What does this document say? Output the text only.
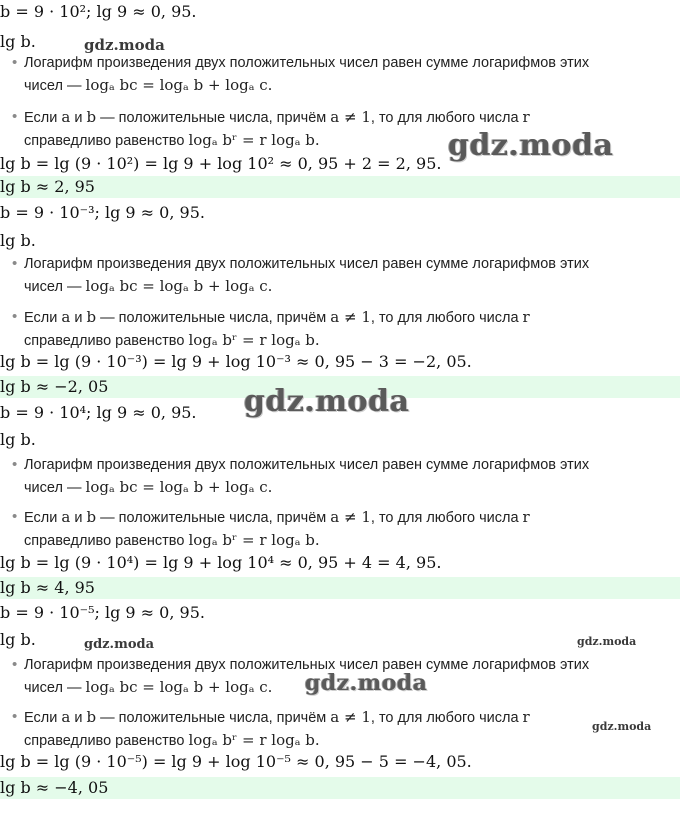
b = 9 · 10²; lg 9 ≈ 0, 95.
lg b.
• Логарифм произведения двух положительных чисел равен сумме логарифмов этих
чисел — logₐ bc = logₐ b + logₐ c.
• Если a и b — положительные числа, причём a ≠ 1, то для любого числа r
справедливо равенство logₐ bʳ = r logₐ b.
lg b = lg (9 · 10²) = lg 9 + log 10² ≈ 0, 95 + 2 = 2, 95.
lg b ≈ 2, 95
b = 9 · 10⁻³; lg 9 ≈ 0, 95.
lg b.
• Логарифм произведения двух положительных чисел равен сумме логарифмов этих
чисел — logₐ bc = logₐ b + logₐ c.
• Если a и b — положительные числа, причём a ≠ 1, то для любого числа r
справедливо равенство logₐ bʳ = r logₐ b.
lg b = lg (9 · 10⁻³) = lg 9 + log 10⁻³ ≈ 0, 95 − 3 = −2, 05.
lg b ≈ −2, 05
b = 9 · 10⁴; lg 9 ≈ 0, 95.
lg b.
• Логарифм произведения двух положительных чисел равен сумме логарифмов этих
чисел — logₐ bc = logₐ b + logₐ c.
• Если a и b — положительные числа, причём a ≠ 1, то для любого числа r
справедливо равенство logₐ bʳ = r logₐ b.
lg b = lg (9 · 10⁴) = lg 9 + log 10⁴ ≈ 0, 95 + 4 = 4, 95.
lg b ≈ 4, 95
b = 9 · 10⁻⁵; lg 9 ≈ 0, 95.
lg b.
• Логарифм произведения двух положительных чисел равен сумме логарифмов этих
чисел — logₐ bc = logₐ b + logₐ c.
• Если a и b — положительные числа, причём a ≠ 1, то для любого числа r
справедливо равенство logₐ bʳ = r logₐ b.
lg b = lg (9 · 10⁻⁵) = lg 9 + log 10⁻⁵ ≈ 0, 95 − 5 = −4, 05.
lg b ≈ −4, 05
gdz.moda
gdz.moda
gdz.moda
gdz.moda	gdz.moda
gdz.moda
gdz.moda
